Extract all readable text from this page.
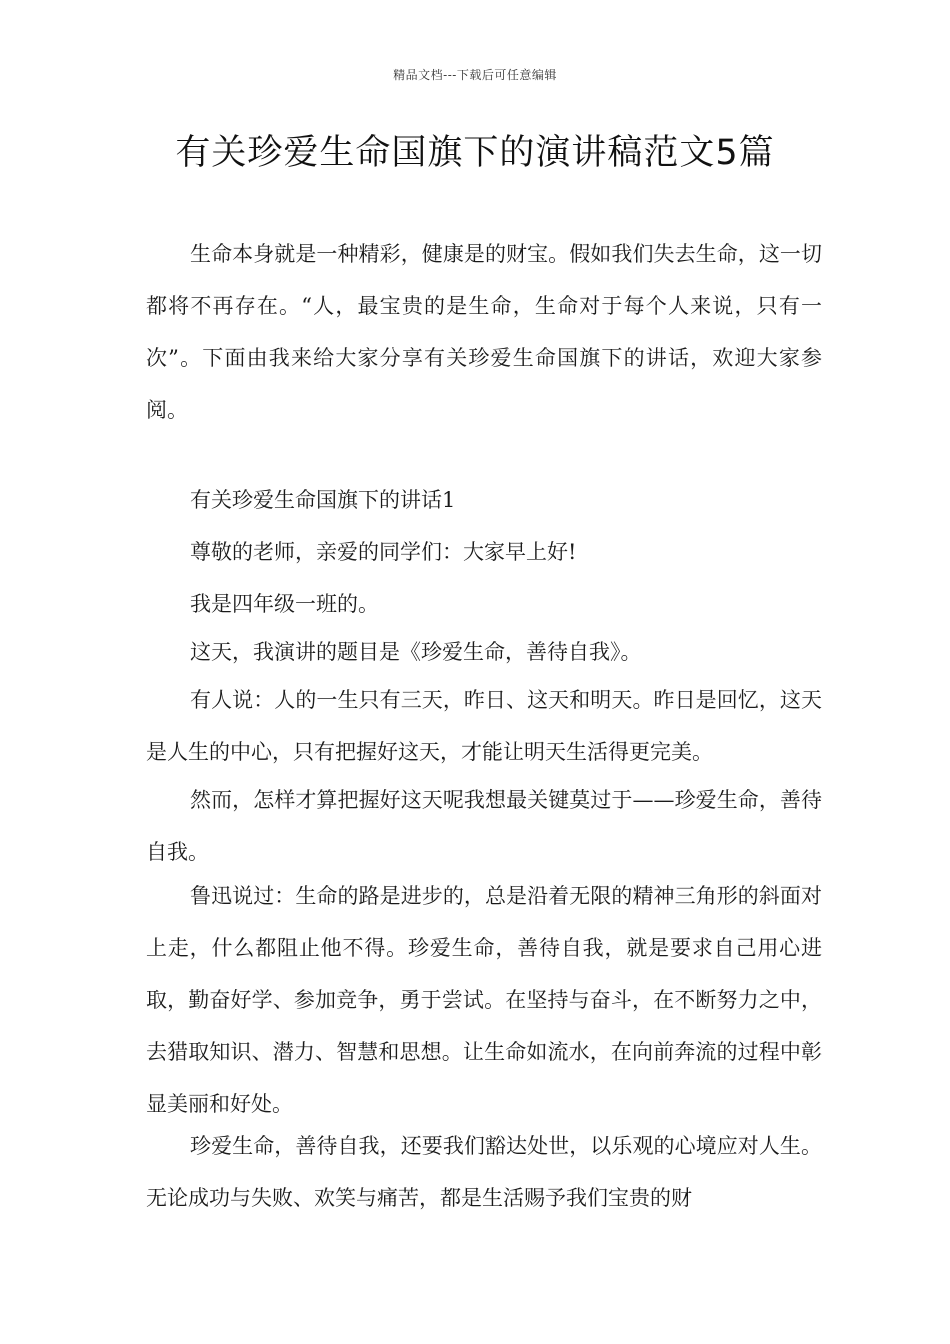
精品文档---下载后可任意编辑
有关珍爱生命国旗下的演讲稿范文5篇

生命本身就是一种精彩，健康是的财宝。假如我们失去生命，这一切都将不再存在。“人，最宝贵的是生命，生命对于每个人来说，只有一次”。下面由我来给大家分享有关珍爱生命国旗下的讲话，欢迎大家参阅。

有关珍爱生命国旗下的讲话1

尊敬的老师，亲爱的同学们：大家早上好!

我是四年级一班的。

这天，我演讲的题目是《珍爱生命，善待自我》。

有人说：人的一生只有三天，昨日、这天和明天。昨日是回忆，这天是人生的中心，只有把握好这天，才能让明天生活得更完美。

然而，怎样才算把握好这天呢我想最关键莫过于——珍爱生命，善待自我。

鲁迅说过：生命的路是进步的，总是沿着无限的精神三角形的斜面对上走，什么都阻止他不得。珍爱生命，善待自我，就是要求自己用心进取，勤奋好学、参加竞争，勇于尝试。在坚持与奋斗，在不断努力之中，去猎取知识、潜力、智慧和思想。让生命如流水，在向前奔流的过程中彰显美丽和好处。

珍爱生命，善待自我，还要我们豁达处世，以乐观的心境应对人生。无论成功与失败、欢笑与痛苦，都是生活赐予我们宝贵的财
